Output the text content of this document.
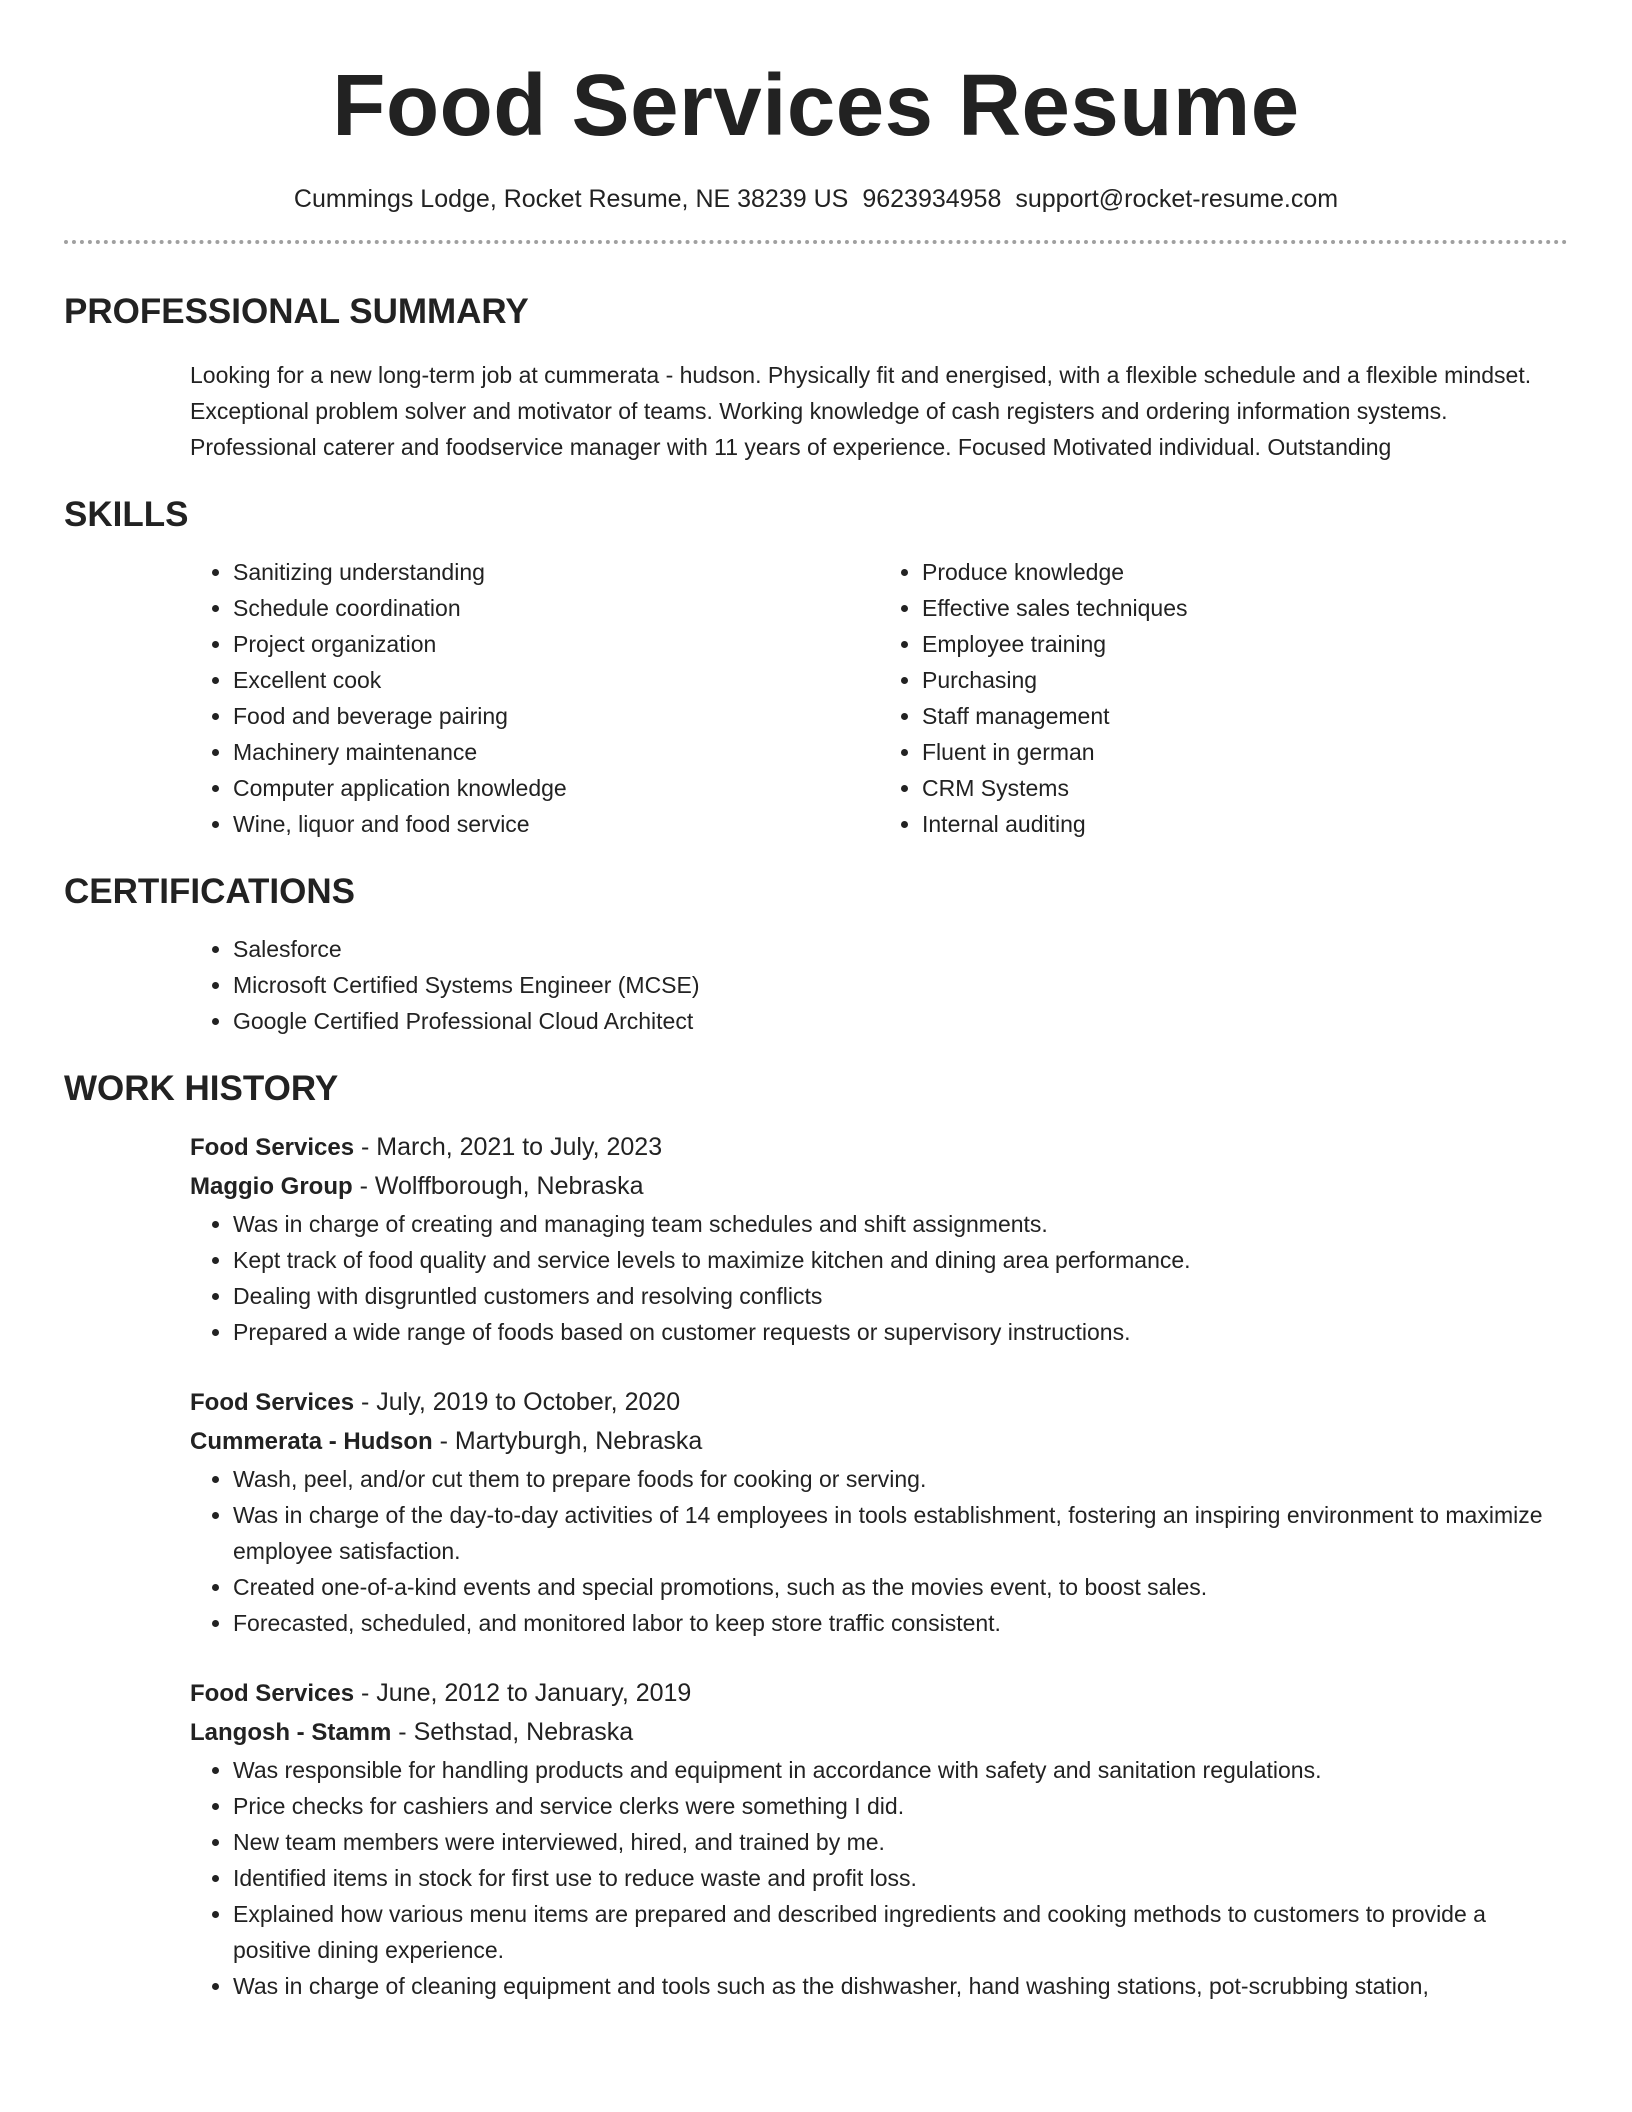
Food Services Resume
Cummings Lodge, Rocket Resume, NE 38239 US 9623934958 support@rocket-resume.com
PROFESSIONAL SUMMARY

Looking for a new long-term job at cummerata - hudson. Physically fit and energised, with a flexible schedule and a flexible mindset. Exceptional problem solver and motivator of teams. Working knowledge of cash registers and ordering information systems. Professional caterer and foodservice manager with 11 years of experience. Focused Motivated individual. Outstanding

SKILLS
• Sanitizing understanding
• Schedule coordination
• Project organization
• Excellent cook
• Food and beverage pairing
• Machinery maintenance
• Computer application knowledge
• Wine, liquor and food service
• Produce knowledge
• Effective sales techniques
• Employee training
• Purchasing
• Staff management
• Fluent in german
• CRM Systems
• Internal auditing
CERTIFICATIONS
• Salesforce
• Microsoft Certified Systems Engineer (MCSE)
• Google Certified Professional Cloud Architect
WORK HISTORY
Food Services - March, 2021 to July, 2023
Maggio Group - Wolffborough, Nebraska
• Was in charge of creating and managing team schedules and shift assignments.
• Kept track of food quality and service levels to maximize kitchen and dining area performance.
• Dealing with disgruntled customers and resolving conflicts
• Prepared a wide range of foods based on customer requests or supervisory instructions.
Food Services - July, 2019 to October, 2020
Cummerata - Hudson - Martyburgh, Nebraska
• Wash, peel, and/or cut them to prepare foods for cooking or serving.
• Was in charge of the day-to-day activities of 14 employees in tools establishment, fostering an inspiring environment to maximize employee satisfaction.
• Created one-of-a-kind events and special promotions, such as the movies event, to boost sales.
• Forecasted, scheduled, and monitored labor to keep store traffic consistent.
Food Services - June, 2012 to January, 2019
Langosh - Stamm - Sethstad, Nebraska
• Was responsible for handling products and equipment in accordance with safety and sanitation regulations.
• Price checks for cashiers and service clerks were something I did.
• New team members were interviewed, hired, and trained by me.
• Identified items in stock for first use to reduce waste and profit loss.
• Explained how various menu items are prepared and described ingredients and cooking methods to customers to provide a positive dining experience.
• Was in charge of cleaning equipment and tools such as the dishwasher, hand washing stations, pot-scrubbing station,
